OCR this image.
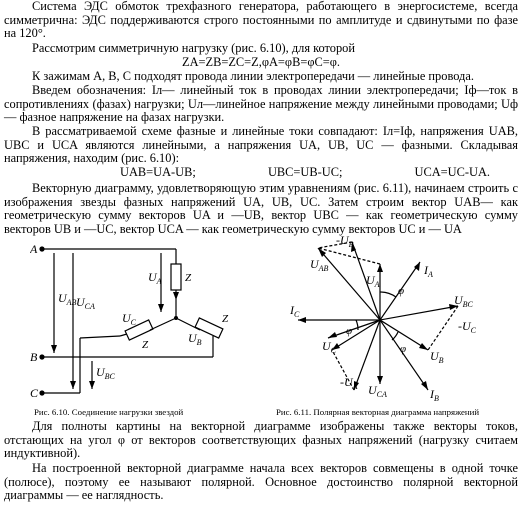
Система ЭДС обмоток трехфазного генератора, работающего в энергосистеме, всегда симметрична: ЭДС поддерживаются строго постоянными по амплитуде и сдвинутыми по фазе на 120°.
Рассмотрим симметричную нагрузку (рис. 6.10), для которой
ZA=ZB=ZC=Z,φA=φB=φC=φ.
К зажимам A, B, C подходят провода линии электропередачи — линейные провода.
Введем обозначения: Iл— линейный ток в проводах линии электропередачи; Iф—ток в сопротивлениях (фазах) нагрузки; Uл—линейное напряжение между линейными проводами; Uф— фазное напряжение на фазах нагрузки.
В рассматриваемой схеме фазные и линейные токи совпадают: Iл=Iф, напряжения UAB, UBC и UCA являются линейными, а напряжения UA, UB, UC — фазными. Складывая напряжения, находим (рис. 6.10):
UAB=UA-UB;	UBC=UB-UC;	UCA=UC-UA.
Векторную диаграмму, удовлетворяющую этим уравнениям (рис. 6.11), начинаем строить с изображения звезды фазных напряжений UA, UB, UC. Затем строим вектор UAB— как геометрическую сумму векторов UA и —UB, вектор UBC — как геометрическую сумму векторов UB и —UC, вектор UCA — как геометрическую сумму векторов UC и — UA
A
B
C
$U_{AB}$ $U_{CA}$
$U_{BC}$
$U_A$ Z
$U_C$
Z	$U_B$
Z
$U_{AB}$
$-U_B$
$U_A$
$I_A$
φ
$U_{BC}$
$I_C$
$-U_C$
φ
$U_C$	φ $U_B$
$-U_A$ $U_{CA}$	$I_B$
Рис. 6.10. Соединение нагрузки звездой	Рис. 6.11. Полярная векторная диаграмма напряжений
Для полноты картины на векторной диаграмме изображены также векторы токов, отстающих на угол φ от векторов соответствующих фазных напряжений (нагрузку считаем индуктивной).
На построенной векторной диаграмме начала всех векторов совмещены в одной точке (полюсе), поэтому ее называют полярной. Основное достоинство полярной векторной диаграммы — ее наглядность.
